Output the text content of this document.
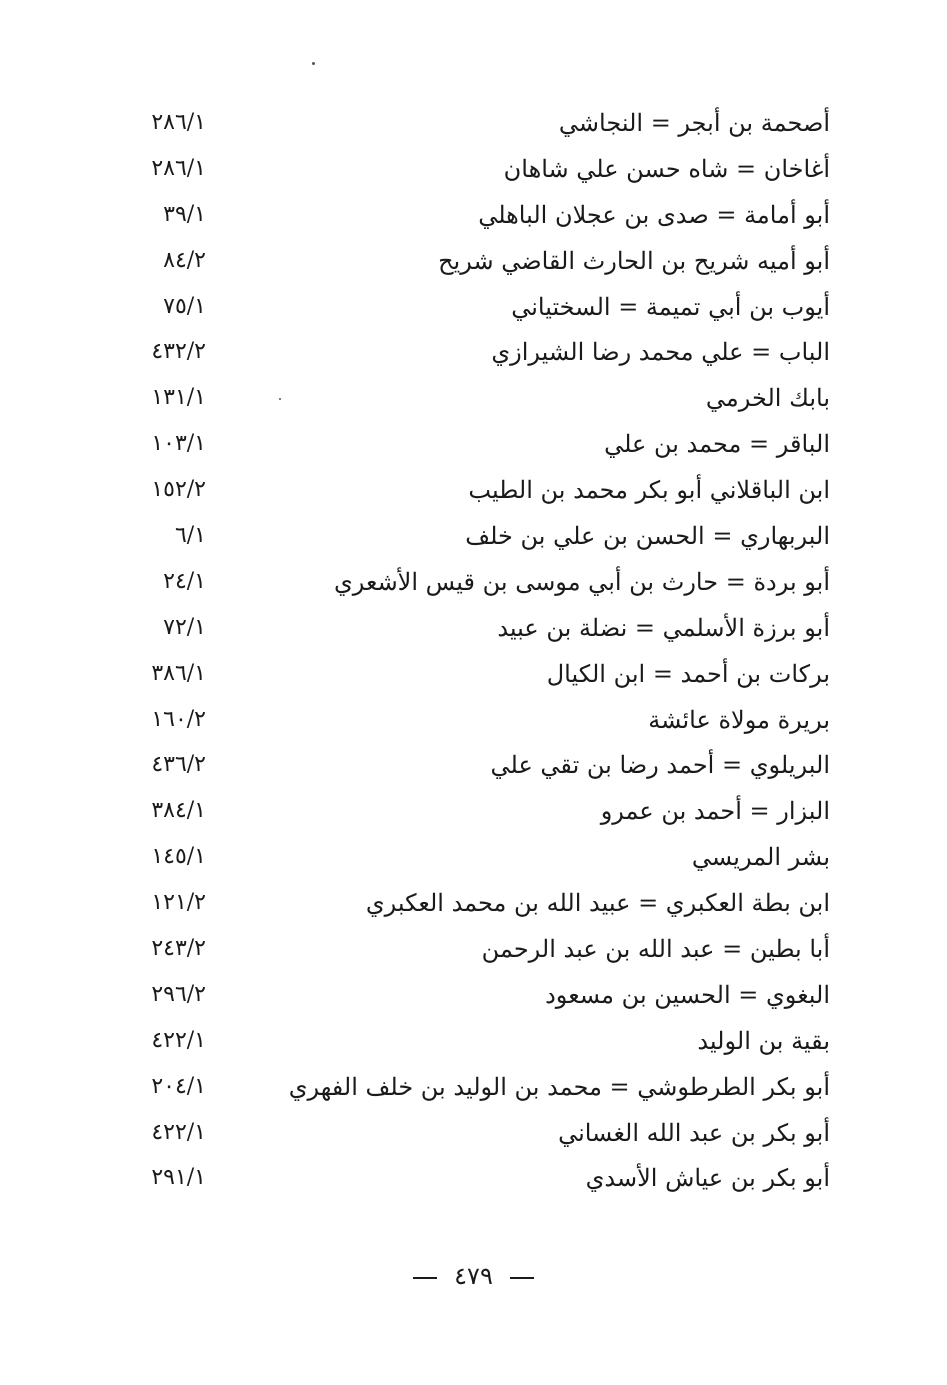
أصحمة بن أبجر = النجاشي
٢٨٦/١
أغاخان = شاه حسن علي شاهان
٢٨٦/١
أبو أمامة = صدى بن عجلان الباهلي
٣٩/١
أبو أميه شريح بن الحارث القاضي شريح
٨٤/٢
أيوب بن أبي تميمة = السختياني
٧٥/١
الباب = علي محمد رضا الشيرازي
٤٣٢/٢
بابك الخرمي
١٣١/١
الباقر = محمد بن علي
١٠٣/١
ابن الباقلاني أبو بكر محمد بن الطيب
١٥٢/٢
البربهاري = الحسن بن علي بن خلف
٦/١
أبو بردة = حارث بن أبي موسى بن قيس الأشعري
٢٤/١
أبو برزة الأسلمي = نضلة بن عبيد
٧٢/١
بركات بن أحمد = ابن الكيال
٣٨٦/١
بريرة مولاة عائشة
١٦٠/٢
البريلوي = أحمد رضا بن تقي علي
٤٣٦/٢
البزار = أحمد بن عمرو
٣٨٤/١
بشر المريسي
١٤٥/١
ابن بطة العكبري = عبيد الله بن محمد العكبري
١٢١/٢
أبا بطين = عبد الله بن عبد الرحمن
٢٤٣/٢
البغوي = الحسين بن مسعود
٢٩٦/٢
بقية بن الوليد
٤٢٢/١
أبو بكر الطرطوشي = محمد بن الوليد بن خلف الفهري
٢٠٤/١
أبو بكر بن عبد الله الغساني
٤٢٢/١
أبو بكر بن عياش الأسدي
٢٩١/١
٤٧٩
